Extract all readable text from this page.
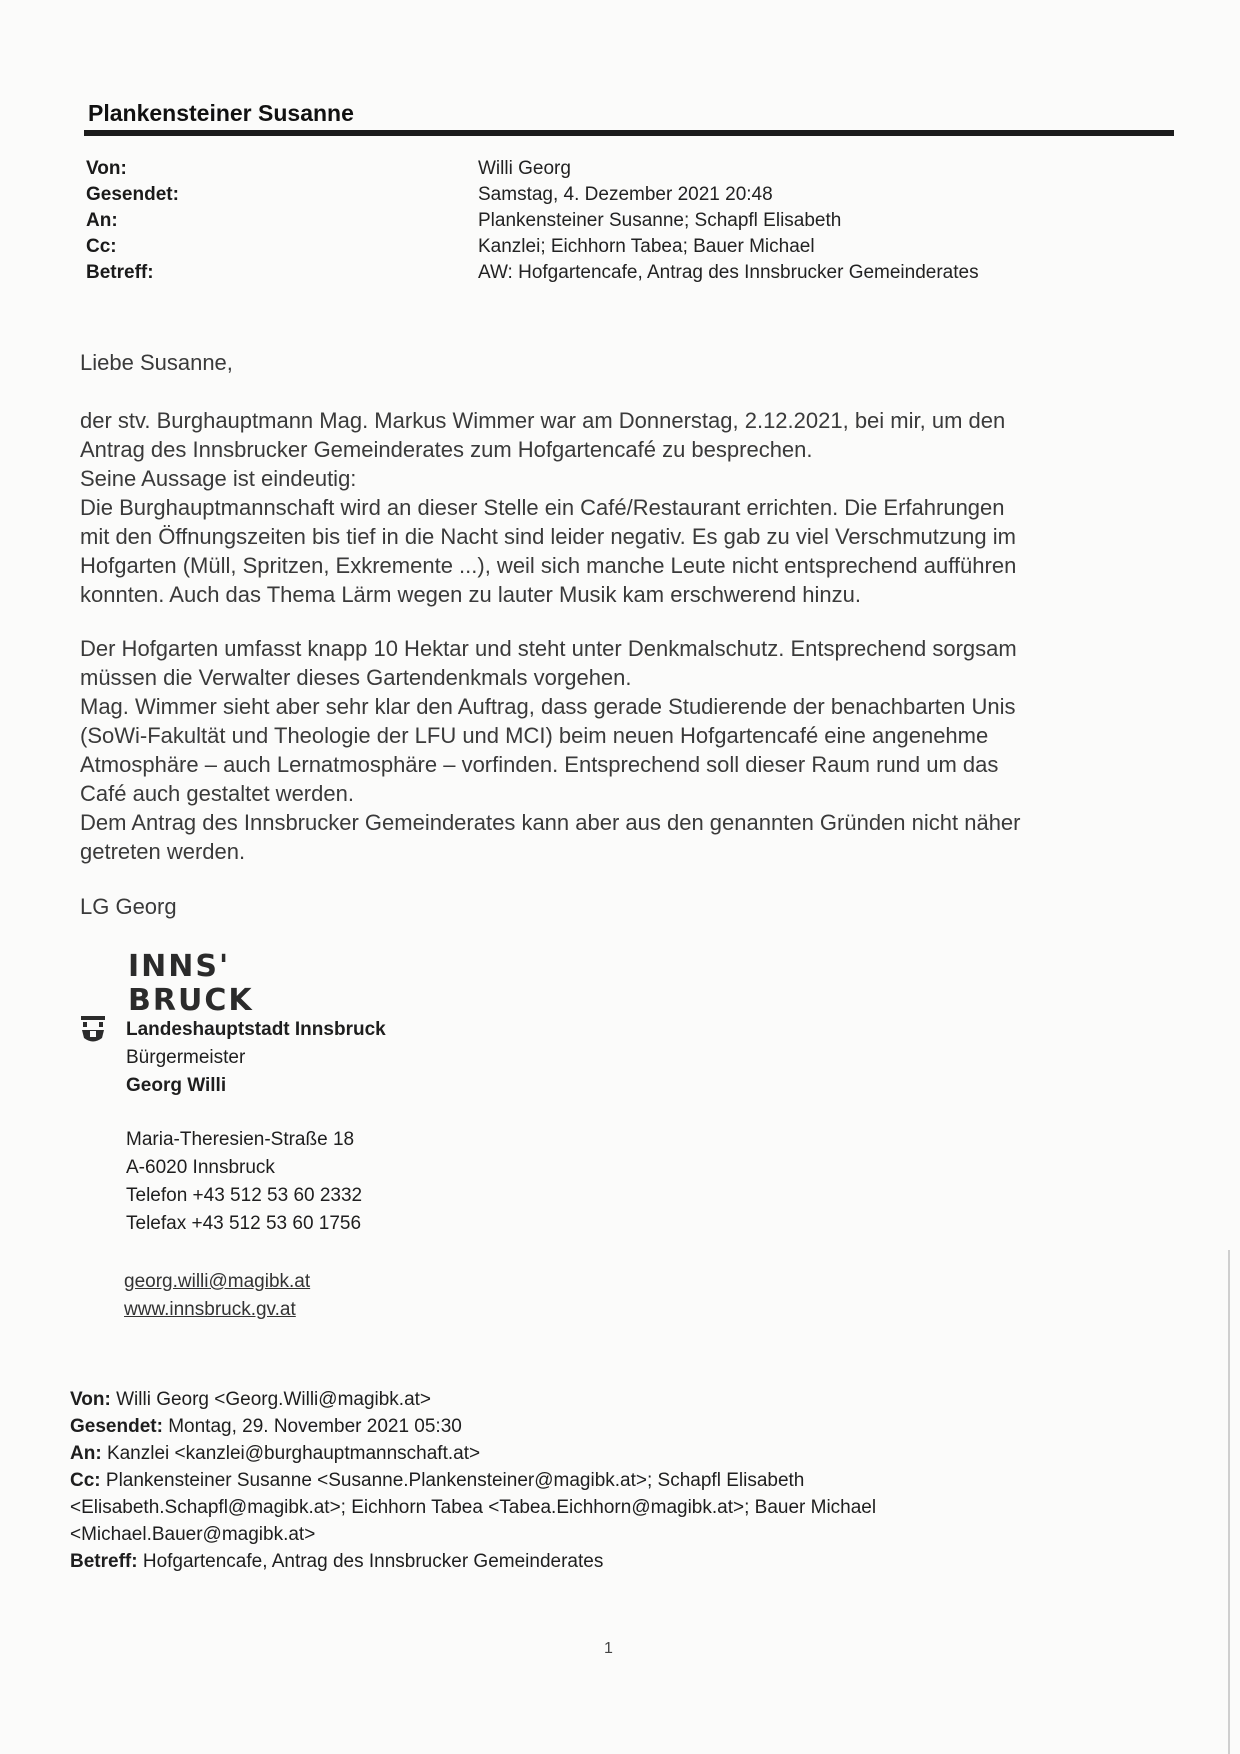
Plankensteiner Susanne
Von:	Willi Georg
Gesendet:	Samstag, 4. Dezember 2021 20:48
An:	Plankensteiner Susanne; Schapfl Elisabeth
Cc:	Kanzlei; Eichhorn Tabea; Bauer Michael
Betreff:	AW: Hofgartencafe, Antrag des Innsbrucker Gemeinderates
Liebe Susanne,
der stv. Burghauptmann Mag. Markus Wimmer war am Donnerstag, 2.12.2021, bei mir, um den
Antrag des Innsbrucker Gemeinderates zum Hofgartencafé zu besprechen.
Seine Aussage ist eindeutig:
Die Burghauptmannschaft wird an dieser Stelle ein Café/Restaurant errichten. Die Erfahrungen
mit den Öffnungszeiten bis tief in die Nacht sind leider negativ. Es gab zu viel Verschmutzung im
Hofgarten (Müll, Spritzen, Exkremente ...), weil sich manche Leute nicht entsprechend aufführen
konnten. Auch das Thema Lärm wegen zu lauter Musik kam erschwerend hinzu.
Der Hofgarten umfasst knapp 10 Hektar und steht unter Denkmalschutz. Entsprechend sorgsam
müssen die Verwalter dieses Gartendenkmals vorgehen.
Mag. Wimmer sieht aber sehr klar den Auftrag, dass gerade Studierende der benachbarten Unis
(SoWi-Fakultät und Theologie der LFU und MCI) beim neuen Hofgartencafé eine angenehme
Atmosphäre – auch Lernatmosphäre – vorfinden. Entsprechend soll dieser Raum rund um das
Café auch gestaltet werden.
Dem Antrag des Innsbrucker Gemeinderates kann aber aus den genannten Gründen nicht näher
getreten werden.
LG Georg
INNS'
BRUCK
Landeshauptstadt Innsbruck
Bürgermeister
Georg Willi
Maria-Theresien-Straße 18
A-6020 Innsbruck
Telefon +43 512 53 60 2332
Telefax +43 512 53 60 1756
georg.willi@magibk.at
www.innsbruck.gv.at
Von: Willi Georg <Georg.Willi@magibk.at>
Gesendet: Montag, 29. November 2021 05:30
An: Kanzlei <kanzlei@burghauptmannschaft.at>
Cc: Plankensteiner Susanne <Susanne.Plankensteiner@magibk.at>; Schapfl Elisabeth
<Elisabeth.Schapfl@magibk.at>; Eichhorn Tabea <Tabea.Eichhorn@magibk.at>; Bauer Michael
<Michael.Bauer@magibk.at>
Betreff: Hofgartencafe, Antrag des Innsbrucker Gemeinderates
1
